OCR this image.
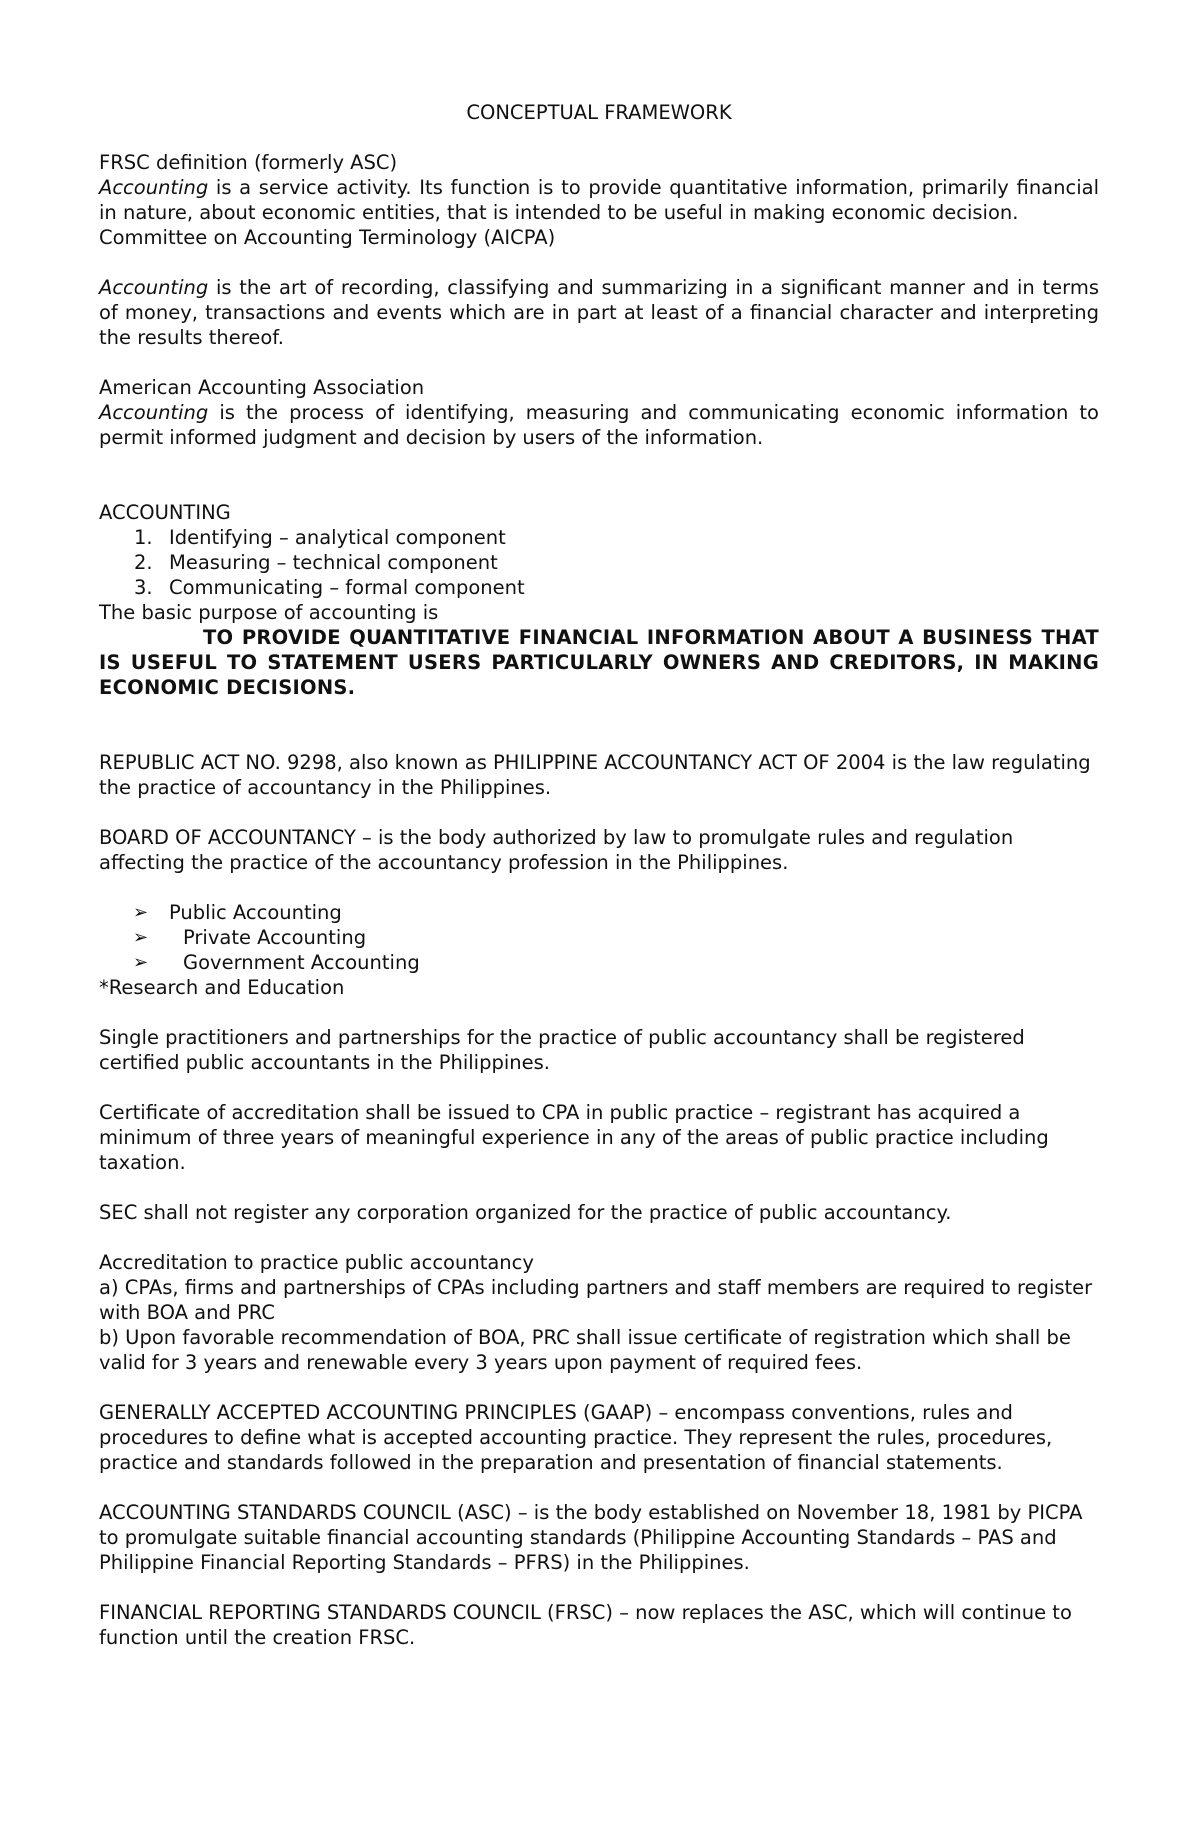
CONCEPTUAL FRAMEWORK

FRSC definition (formerly ASC)

Accounting is a service activity. Its function is to provide quantitative information, primarily financial in nature, about economic entities, that is intended to be useful in making economic decision.

Committee on Accounting Terminology (AICPA)

Accounting is the art of recording, classifying and summarizing in a significant manner and in terms of money, transactions and events which are in part at least of a financial character and interpreting the results thereof.

American Accounting Association

Accounting is the process of identifying, measuring and communicating economic information to permit informed judgment and decision by users of the information.

ACCOUNTING

1. Identifying – analytical component
2. Measuring – technical component
3. Communicating – formal component

The basic purpose of accounting is

TO PROVIDE QUANTITATIVE FINANCIAL INFORMATION ABOUT A BUSINESS THAT IS USEFUL TO STATEMENT USERS PARTICULARLY OWNERS AND CREDITORS, IN MAKING ECONOMIC DECISIONS.

REPUBLIC ACT NO. 9298, also known as PHILIPPINE ACCOUNTANCY ACT OF 2004 is the law regulating the practice of accountancy in the Philippines.

BOARD OF ACCOUNTANCY – is the body authorized by law to promulgate rules and regulation affecting the practice of the accountancy profession in the Philippines.

➢ Public Accounting
➢ Private Accounting
➢ Government Accounting

*Research and Education

Single practitioners and partnerships for the practice of public accountancy shall be registered certified public accountants in the Philippines.

Certificate of accreditation shall be issued to CPA in public practice – registrant has acquired a minimum of three years of meaningful experience in any of the areas of public practice including taxation.

SEC shall not register any corporation organized for the practice of public accountancy.

Accreditation to practice public accountancy

a) CPAs, firms and partnerships of CPAs including partners and staff members are required to register with BOA and PRC

b) Upon favorable recommendation of BOA, PRC shall issue certificate of registration which shall be valid for 3 years and renewable every 3 years upon payment of required fees.

GENERALLY ACCEPTED ACCOUNTING PRINCIPLES (GAAP) – encompass conventions, rules and procedures to define what is accepted accounting practice. They represent the rules, procedures, practice and standards followed in the preparation and presentation of financial statements.

ACCOUNTING STANDARDS COUNCIL (ASC) – is the body established on November 18, 1981 by PICPA to promulgate suitable financial accounting standards (Philippine Accounting Standards – PAS and Philippine Financial Reporting Standards – PFRS) in the Philippines.

FINANCIAL REPORTING STANDARDS COUNCIL (FRSC) – now replaces the ASC, which will continue to function until the creation FRSC.
